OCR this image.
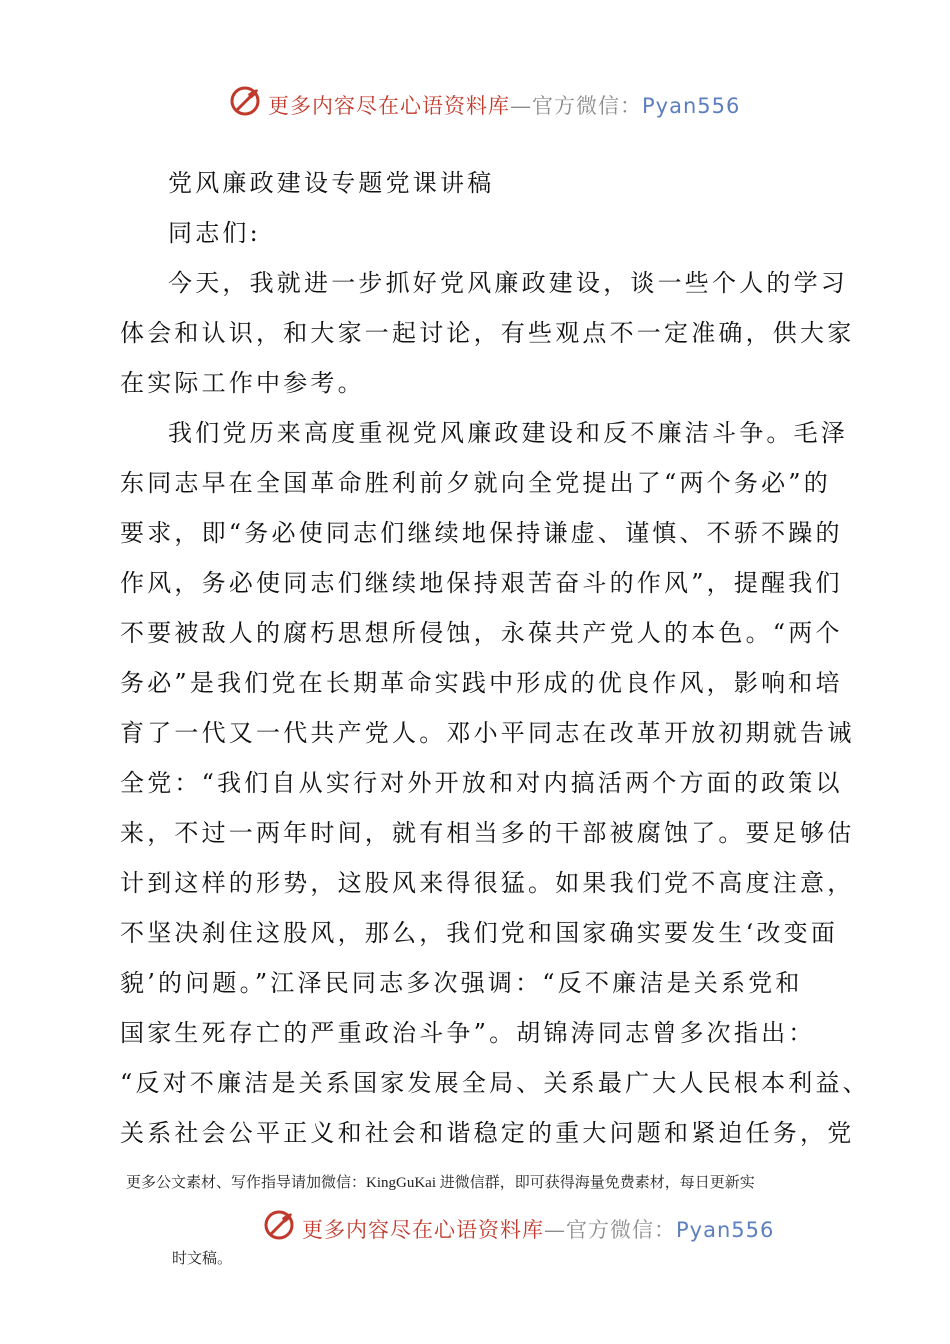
更多内容尽在心语资料库—官方微信：Pyan556
党风廉政建设专题党课讲稿
同志们:
今天，我就进一步抓好党风廉政建设，谈一些个人的学习
体会和认识，和大家一起讨论，有些观点不一定准确，供大家
在实际工作中参考。
我们党历来高度重视党风廉政建设和反不廉洁斗争。毛泽
东同志早在全国革命胜利前夕就向全党提出了“两个务必”的
要求，即“务必使同志们继续地保持谦虚、谨慎、不骄不躁的
作风，务必使同志们继续地保持艰苦奋斗的作风”，提醒我们
不要被敌人的腐朽思想所侵蚀，永葆共产党人的本色。“两个
务必”是我们党在长期革命实践中形成的优良作风，影响和培
育了一代又一代共产党人。邓小平同志在改革开放初期就告诫
全党：“我们自从实行对外开放和对内搞活两个方面的政策以
来，不过一两年时间，就有相当多的干部被腐蚀了。要足够估
计到这样的形势，这股风来得很猛。如果我们党不高度注意，
不坚决刹住这股风，那么，我们党和国家确实要发生‘改变面
貌’的问题。”江泽民同志多次强调：“反不廉洁是关系党和
国家生死存亡的严重政治斗争”。胡锦涛同志曾多次指出：
“反对不廉洁是关系国家发展全局、关系最广大人民根本利益、
关系社会公平正义和社会和谐稳定的重大问题和紧迫任务，党
更多公文素材、写作指导请加微信：KingGuKai 进微信群，即可获得海量免费素材，每日更新实
更多内容尽在心语资料库—官方微信：Pyan556
时文稿。
